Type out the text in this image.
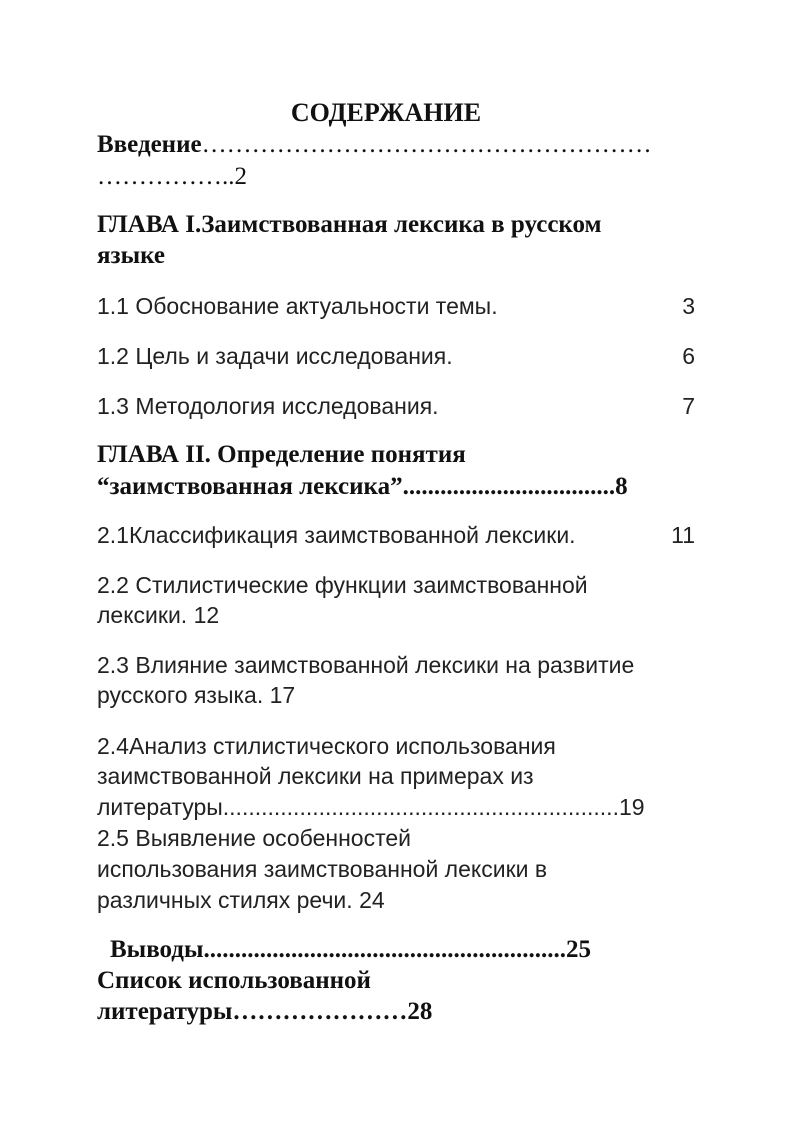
СОДЕРЖАНИЕ
Введение………………………………………………
……………..2
ГЛАВА I.Заимствованная лексика в русском
языке
1.1 Обоснование актуальности темы.	3
1.2 Цель и задачи исследования.	6
1.3 Методология исследования.	7
ГЛАВА II. Определение понятия
“заимствованная лексика”..................................8
2.1Классификация заимствованной лексики.	11
2.2 Стилистические функции заимствованной
лексики. 12
2.3 Влияние заимствованной лексики на развитие
русского языка. 17
2.4Анализ стилистического использования
заимствованной лексики на примерах из
литературы..............................................................19
2.5 Выявление особенностей
использования заимствованной лексики в
различных стилях речи. 24
Выводы..........................................................25
Список использованной
литературы…………………28
